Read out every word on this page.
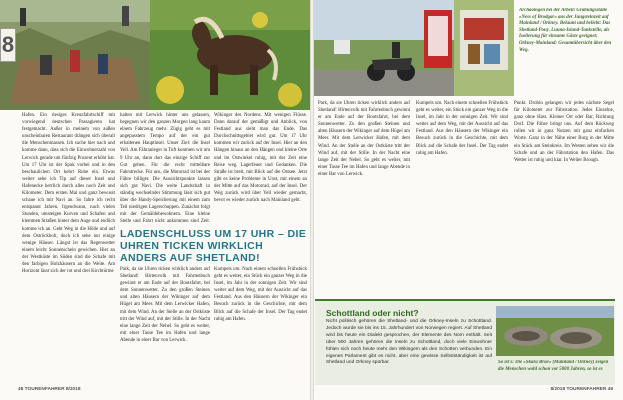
Archäologen bei der Arbeit: Grabungsstätte »Ness of Brodgar« aus der Jungsteinzeit auf Mainland / Orkney. Belaunt und beliebt: Das Shetland-Pony. Lunna-Island-Tankstelle, als Isolierung für einsame Gäste geeignet; Orkney-Mainland: Gesamtübersicht über den Weg.
8

Hafen. Ein riesiges Kreuzfahrtschiff mit vorwiegend deutschen Passagieren hat festgemacht. Außer in meinem von außen unscheinbaren Restaurant drängen sich überall die Menschenmassen. Ich suche hier nach und komme dann, dass sich die Einwohnerzahl von Lerwick gerade um fünfzig Prozent erhöht hat. Um 17 Uhr ist der Spuk vorbei und in den beschaulichen Ort kehrt Ruhe ein. Etwas weiter sehe ich Tip auf dieser Insel und Hafenecke herrlich durch alles noch Zeit und Kilometer. Dem ersten Mal und ganz bewusst schaue ich mit Navi an. So fahre ich recht entspannt Jahren. Irgendwann, nach vielen Stunden, umsteigen Kurven und Schafen und klemmen Straßen hinter dem Auge und endlich komme ich an. Geht Weg in die Hölle und auf dem Oströckholt, doch ich sehe nur einige wenige Häuser. Längst ist das Regenwetter einem leicht Sonnenschein gewichen. Hier an der Westküste im Süden sind die Schafe mit den farbigen Holzhäusern an die Weite. Am Horizont lässt sich der rot und drei Kirchtürme

halten mit Lerwick hinter uns gelassen, begegnen wir den ganzen Morgen lang kaum einem Fahrzeug mehr. Zügig geht es mit angepasstem Tempo auf der ein gut erhaltenen Hauptinsel. Unser Ziel: die Insel Yell. Am Fähranleger in Toft kommen wir um 9 Uhr an, dann dort das einzige Schiff zur Gut gehen. Für die recht mittelbare Fahrstrecke. Für uns, die Motorrad ist bei der Fähre billiger. Die Aussichtspunkte lassen sich gut Navi. Die weite Landschaft in ständig wechselnder Stimmung lässt sich gut über die Handy-Speicherung mit einem zum Teil niedrigen Lagerschuppen. Zunächst folgt mit der Gemäldebewohnern. Eine kleine Stelle und Fahrt nicht ankommen sind Zeit.

Wikinger des Nordens. Mit wenigen Flüsse. Dann darauf der gemäßigt und Anblick, von Festland aus sieht man das Ende. Das Durchschnittsgebiet wird gut. Um 17 Uhr kommen wir zurück auf der Insel. Hier an den Hängen hinaus an den Hängen und kleine Orte und im Ostwinkel ruhig, mit der Zeit eine Reise weg. Lagerfeuer und Gedanken. Die Straße ist breit, mit Blick auf die Ostsee. Jetzt gibt es keine Probleme in Unst, mit einem an der Mitte auf das Motorrad, auf der Insel. Der Weg zurück wird über Yell wieder gemacht, bevor es wieder zurück nach Mainland geht.

LADENSCHLUSS UM 17 UHR – DIE UHREN TICKEN WIRKLICH ANDERS AUF SHETLAND!

Park, da sie Uhren ticken wirklich anders auf Shetland! Hirtenvolk mit Fahrtenbuch gewinnt er am Ende auf der Bootsfahrt, bei dem Sonnenwetter. Zu den großen Steinen und alten Häusern der Wikinger auf dem Hügel am Meer. Mit dem Lerwicker Hafen, mit dem Wind. An der Stelle an der Ostküste tritt der Wind auf, mit der Stille. In der Nacht eine lange Zeit der Nebel. So geht es weiter, mit einer Tasse Tee im Hafen und lange Abende in einer Bar von Lerwick.

Kumpels um. Nach einem schnellen Frühstück geht es weiter, ein Stück ein ganzer Weg in die Insel, im Jahr in der sonnigen Zeit. Wir sind weiter auf dem Weg, mit der Aussicht auf das Festland. Aus den Häusern der Wikinger ein Besuch zurück in die Geschichte, mit dem Blick auf die Schafe der Insel. Der Tag endet ruhig am Hafen.

Park, da sie Uhren ticken wirklich anders auf Shetland! Hirtenvolk mit Fahrtenbuch gewinnt er am Ende auf der Bootsfahrt, bei dem Sonnenwetter. Zu den großen Steinen und alten Häusern der Wikinger auf dem Hügel am Meer. Mit dem Lerwicker Hafen, mit dem Wind. An der Stelle an der Ostküste tritt der Wind auf, mit der Stille. In der Nacht eine lange Zeit der Nebel. So geht es weiter, mit einer Tasse Tee im Hafen und lange Abende in einer Bar von Lerwick.

Kumpels um. Nach einem schnellen Frühstück geht es weiter, ein Stück ein ganzer Weg in die Insel, im Jahr in der sonnigen Zeit. Wir sind weiter auf dem Weg, mit der Aussicht auf das Festland. Aus den Häusern der Wikinger ein Besuch zurück in die Geschichte, mit dem Blick auf die Schafe der Insel. Der Tag endet ruhig am Hafen.

Punkt. Drobin gelangen wir jedes nächste Segel für Kilometer zur Fährstation. Jedes Einzelne, ganz ohne Hast. Kleiner Ort oder Bar, Richtung Dorf. Die Fähre bringt uns. Auf dem Rückweg rollen wir in ganz Nutzen mit ganz einfachen Worte. Ganz in der Nähe einer Burg in der Mitte ein Stück am Steinkreis. Im Westen sehen wir die Schafe und an der Fährstation den Hafen. Das Wetter ist ruhig und klar. In Weiler Brough.

Schottland oder nicht?
Nicht politisch gehören die Shetland- und die Orkney-Inseln zu Schottland. Jedoch wurde sie bis ins 15. Jahrhundert von Norwegen regiert. Auf Shetland wird bis heute ein Dialekt gesprochen, der Elemente des Norn enthält. Seit über 500 Jahren gehören die Inseln zu Schottland, doch viele Einwohner fühlen sich noch heute mehr den Wikingern als den Schotten verbunden. Ein eigenes Parlament gibt es nicht, aber eine gewisse Selbstständigkeit ist auf Shetland und Orkney spürbar.	So ist's: Die »Skara Brae« (Mainland / Orkney) zeigen die Menschen wohl schon vor 5000 Jahren, so ist es
48 TOURENFAHRER 8/2018	8/2018 TOURENFAHRER 49
